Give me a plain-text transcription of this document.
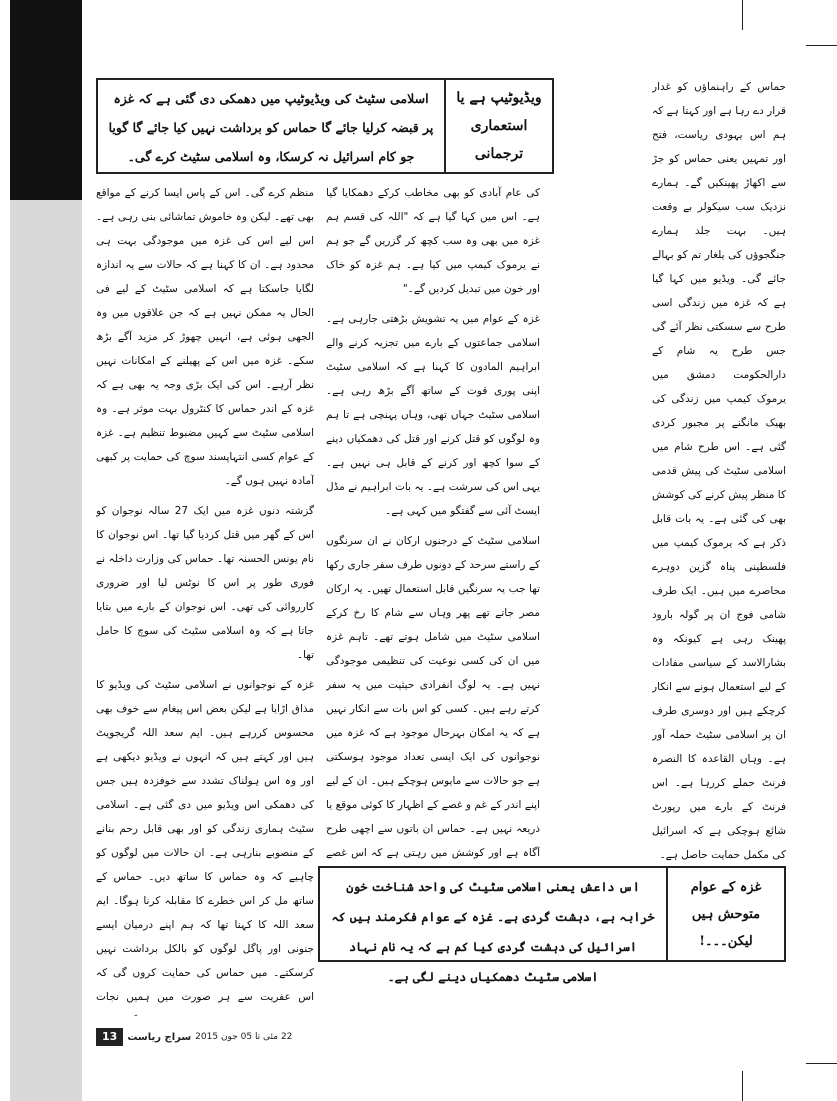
حماس کے راہنماؤں کو غدار قرار دے رہا ہے اور کہتا ہے کہ ہم اس یہودی ریاست، فتح اور تمہیں یعنی حماس کو جڑ سے اکھاڑ پھینکیں گے۔ ہمارے نزدیک سب سیکولر بے وقعت ہیں۔ بہت جلد ہمارے جنگجوؤں کی یلغار تم کو بہالے جائے گی۔ ویڈیو میں کہا گیا ہے کہ غزہ میں زندگی اسی طرح سے سسکتی نظر آئے گی جس طرح یہ شام کے دارالحکومت دمشق میں یرموک کیمپ میں زندگی کی بھیک مانگنے پر مجبور کردی گئی ہے۔ اس طرح شام میں اسلامی سٹیٹ کی پیش قدمی کا منظر پیش کرنے کی کوشش بھی کی گئی ہے۔ یہ بات قابل ذکر ہے کہ یرموک کیمپ میں فلسطینی پناہ گزین دوہرے محاصرے میں ہیں۔ ایک طرف شامی فوج ان پر گولہ بارود پھینک رہی ہے کیونکہ وہ بشارالاسد کے سیاسی مفادات کے لیے استعمال ہونے سے انکار کرچکے ہیں اور دوسری طرف ان پر اسلامی سٹیٹ حملہ آور ہے۔ وہاں القاعدہ کا النصرہ فرنٹ حملے کررہا ہے۔ اس فرنٹ کے بارے میں رپورٹ شائع ہوچکی ہے کہ اسرائیل کی مکمل حمایت حاصل ہے۔

ویڈیوٹیپ ہے یا استعماری ترجمانی
اسلامی سٹیٹ کی ویڈیوٹیپ میں دھمکی دی گئی ہے کہ غزہ پر قبضہ کرلیا جائے گا حماس کو برداشت نہیں کیا جائے گا گویا جو کام اسرائیل نہ کرسکا، وہ اسلامی سٹیٹ کرے گی۔

کی عام آبادی کو بھی مخاطب کرکے دھمکایا گیا ہے۔ اس میں کہا گیا ہے کہ "اللہ کی قسم ہم غزہ میں بھی وہ سب کچھ کر گزریں گے جو ہم نے یرموک کیمپ میں کیا ہے۔ ہم غزہ کو خاک اور خون میں تبدیل کردیں گے۔"

غزہ کے عوام میں یہ تشویش بڑھتی جارہی ہے۔ اسلامی جماعتوں کے بارے میں تجزیہ کرنے والے ابراہیم المادون کا کہنا ہے کہ اسلامی سٹیٹ اپنی پوری قوت کے ساتھ آگے بڑھ رہی ہے۔ اسلامی سٹیٹ جہاں تھی، وہاں پہنچی ہے تا ہم وہ لوگوں کو قتل کرنے اور قتل کی دھمکیاں دینے کے سوا کچھ اور کرنے کے قابل ہی نہیں ہے۔ یہی اس کی سرشت ہے۔ یہ بات ابراہیم نے مڈل ایسٹ آئی سے گفتگو میں کہی ہے۔

اسلامی سٹیٹ کے درجنوں ارکان نے ان سرنگوں کے راستے سرحد کے دونوں طرف سفر جاری رکھا تھا جب یہ سرنگیں قابل استعمال تھیں۔ یہ ارکان مصر جاتے تھے پھر وہاں سے شام کا رخ کرکے اسلامی سٹیٹ میں شامل ہوتے تھے۔ تاہم غزہ میں ان کی کسی نوعیت کی تنظیمی موجودگی نہیں ہے۔ یہ لوگ انفرادی حیثیت میں یہ سفر کرتے رہے ہیں۔ کسی کو اس بات سے انکار نہیں ہے کہ یہ امکان بہرحال موجود ہے کہ غزہ میں نوجوانوں کی ایک ایسی تعداد موجود ہوسکتی ہے جو حالات سے مایوس ہوچکے ہیں۔ ان کے لیے اپنے اندر کے غم و غصے کے اظہار کا کوئی موقع یا ذریعہ نہیں ہے۔ حماس ان باتوں سے اچھی طرح آگاہ ہے اور کوشش میں رہتی ہے کہ اس غصے

منظم کرے گی۔ اس کے پاس ایسا کرنے کے مواقع بھی تھے۔ لیکن وہ خاموش تماشائی بنی رہی ہے۔ اس لیے اس کی غزہ میں موجودگی بہت ہی محدود ہے۔ ان کا کہنا ہے کہ حالات سے یہ اندازہ لگایا جاسکتا ہے کہ اسلامی سٹیٹ کے لیے فی الحال یہ ممکن نہیں ہے کہ جن علاقوں میں وہ الجھی ہوئی ہے، انہیں چھوڑ کر مزید آگے بڑھ سکے۔ غزہ میں اس کے پھیلنے کے امکانات نہیں نظر آرہے۔ اس کی ایک بڑی وجہ یہ بھی ہے کہ غزہ کے اندر حماس کا کنٹرول بہت موثر ہے۔ وہ اسلامی سٹیٹ سے کہیں مضبوط تنظیم ہے۔ غزہ کے عوام کسی انتہاپسند سوچ کی حمایت پر کبھی آمادہ نہیں ہوں گے۔

گزشتہ دنوں غزہ میں ایک 27 سالہ نوجوان کو اس کے گھر میں قتل کردیا گیا تھا۔ اس نوجوان کا نام یونس الحسنہ تھا۔ حماس کی وزارت داخلہ نے فوری طور پر اس کا نوٹس لیا اور ضروری کارروائی کی تھی۔ اس نوجوان کے بارے میں بتایا جاتا ہے کہ وہ اسلامی سٹیٹ کی سوچ کا حامل تھا۔

غزہ کے نوجوانوں نے اسلامی سٹیٹ کی ویڈیو کا مذاق اڑایا ہے لیکن بعض اس پیغام سے خوف بھی محسوس کررہے ہیں۔ ایم سعد اللہ گریجویٹ ہیں اور کہتے ہیں کہ انہوں نے ویڈیو دیکھی ہے اور وہ اس ہولناک تشدد سے خوفزدہ ہیں جس کی دھمکی اس ویڈیو میں دی گئی ہے۔ اسلامی سٹیٹ ہماری زندگی کو اور بھی قابل رحم بنانے کے منصوبے بنارہی ہے۔ ان حالات میں لوگوں کو چاہیے کہ وہ حماس کا ساتھ دیں۔ حماس کے ساتھ مل کر اس خطرے کا مقابلہ کرنا ہوگا۔ ایم سعد اللہ کا کہنا تھا کہ ہم اپنے درمیان ایسے جنونی اور پاگل لوگوں کو بالکل برداشت نہیں کرسکتے۔ میں حماس کی حمایت کروں گی کہ اس عفریت سے ہر صورت میں ہمیں نجات

غزہ کے عوام متوحش ہیں لیکن۔۔۔!
اس داعش یعنی اسلامی سٹیٹ کی واحد شناخت خون خرابہ ہے، دہشت گردی ہے۔ غزہ کے عوام فکرمند ہیں کہ اسرائیل کی دہشت گردی کیا کم ہے کہ یہ نام نہاد اسلامی سٹیٹ دھمکیاں دینے لگی ہے۔
13	سراج ریاست 22 مئی تا 05 جون 2015
